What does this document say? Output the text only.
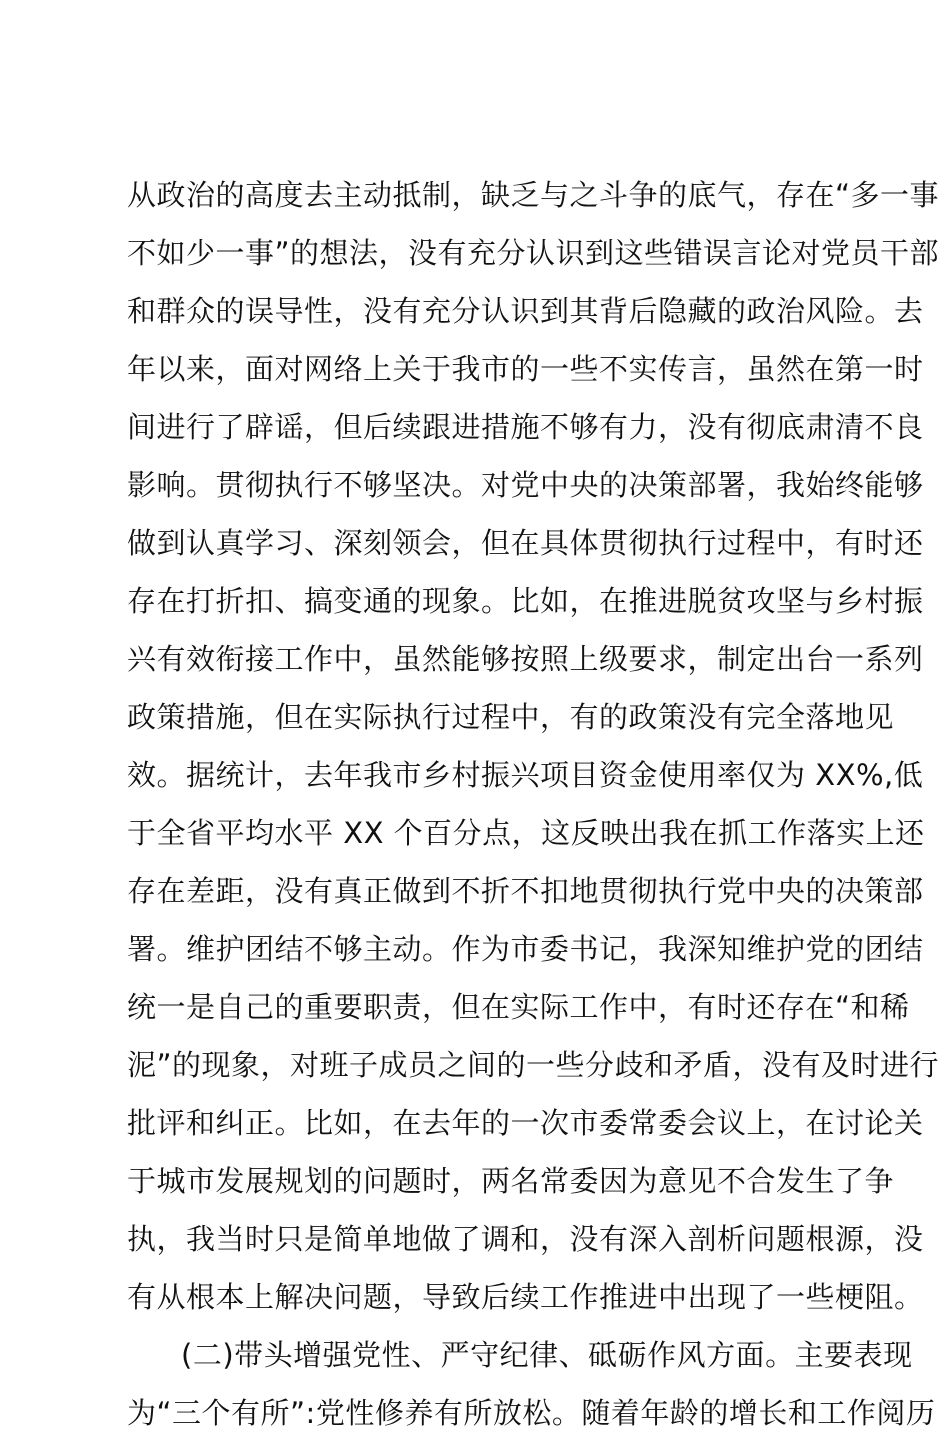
从政治的高度去主动抵制，缺乏与之斗争的底气，存在“多一事
不如少一事”的想法，没有充分认识到这些错误言论对党员干部
和群众的误导性，没有充分认识到其背后隐藏的政治风险。去
年以来，面对网络上关于我市的一些不实传言，虽然在第一时
间进行了辟谣，但后续跟进措施不够有力，没有彻底肃清不良
影响。贯彻执行不够坚决。对党中央的决策部署，我始终能够
做到认真学习、深刻领会，但在具体贯彻执行过程中，有时还
存在打折扣、搞变通的现象。比如，在推进脱贫攻坚与乡村振
兴有效衔接工作中，虽然能够按照上级要求，制定出台一系列
政策措施，但在实际执行过程中，有的政策没有完全落地见
效。据统计，去年我市乡村振兴项目资金使用率仅为 XX%,低
于全省平均水平 XX 个百分点，这反映出我在抓工作落实上还
存在差距，没有真正做到不折不扣地贯彻执行党中央的决策部
署。维护团结不够主动。作为市委书记，我深知维护党的团结
统一是自己的重要职责，但在实际工作中，有时还存在“和稀
泥”的现象，对班子成员之间的一些分歧和矛盾，没有及时进行
批评和纠正。比如，在去年的一次市委常委会议上，在讨论关
于城市发展规划的问题时，两名常委因为意见不合发生了争
执，我当时只是简单地做了调和，没有深入剖析问题根源，没
有从根本上解决问题，导致后续工作推进中出现了一些梗阻。
(二)带头增强党性、严守纪律、砥砺作风方面。主要表现
为“三个有所”:党性修养有所放松。随着年龄的增长和工作阅历
